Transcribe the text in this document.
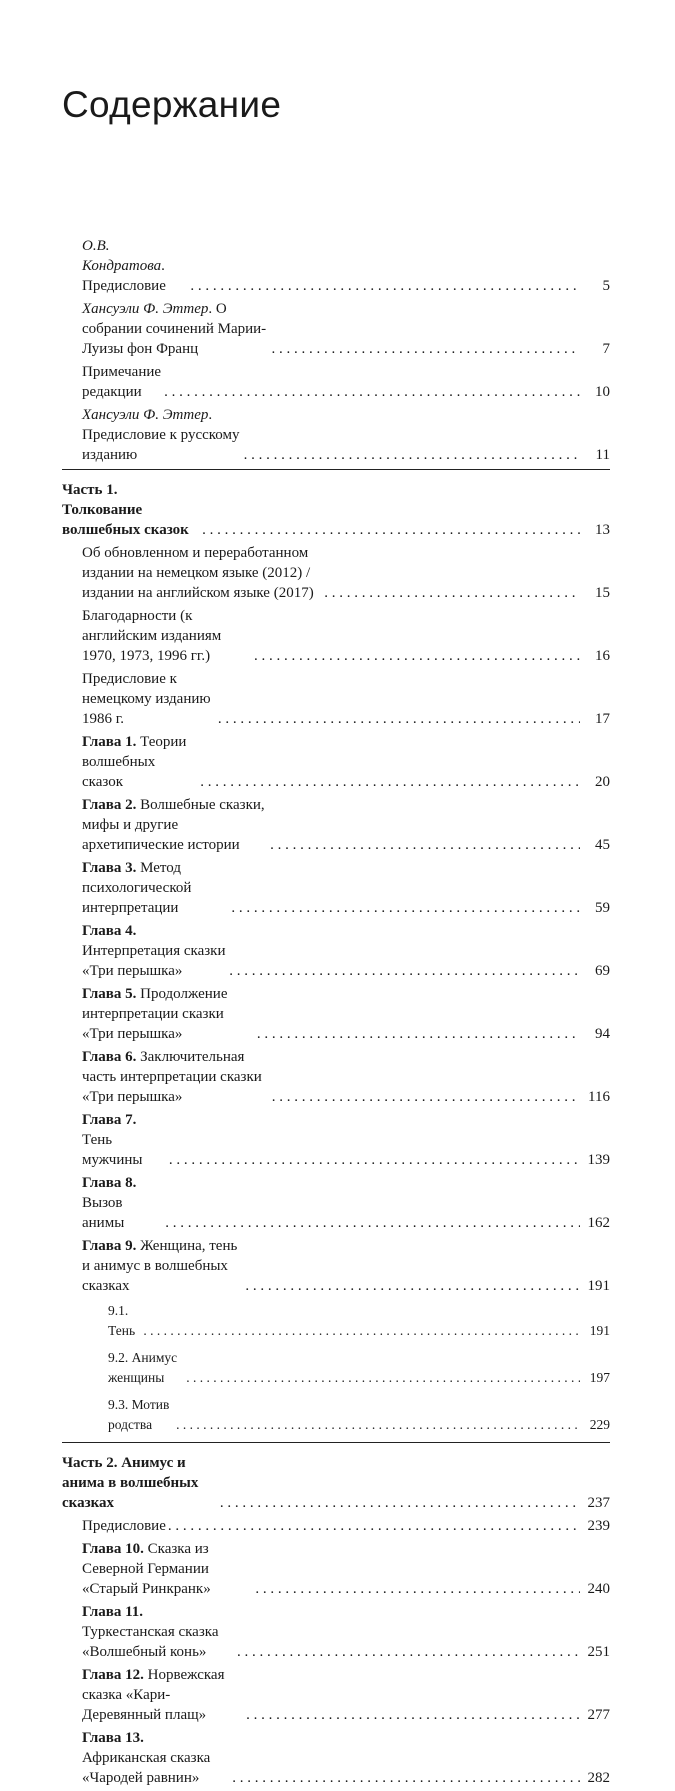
Содержание
О.В. Кондратова. Предисловие . . .	5
Хансуэли Ф. Эттер. О собрании сочинений Марии-Луизы фон Франц . . .	7
Примечание редакции . . .	10
Хансуэли Ф. Эттер. Предисловие к русскому изданию . . .	11
Часть 1. Толкование волшебных сказок . . .	13
Об обновленном и переработанном издании на немецком языке (2012) / издании на английском языке (2017) . . .	15
Благодарности (к английским изданиям 1970, 1973, 1996 гг.) . . .	16
Предисловие к немецкому изданию 1986 г. . . .	17
Глава 1. Теории волшебных сказок . . .	20
Глава 2. Волшебные сказки, мифы и другие архетипические истории . . .	45
Глава 3. Метод психологической интерпретации . . .	59
Глава 4. Интерпретация сказки «Три перышка» . . .	69
Глава 5. Продолжение интерпретации сказки «Три перышка» . . .	94
Глава 6. Заключительная часть интерпретации сказки «Три перышка» . . .	116
Глава 7. Тень мужчины . . .	139
Глава 8. Вызов анимы . . .	162
Глава 9. Женщина, тень и анимус в волшебных сказках . . .	191
9.1. Тень . . .	191
9.2. Анимус женщины . . .	197
9.3. Мотив родства . . .	229
Часть 2. Анимус и анима в волшебных сказках . . .	237
Предисловие . . .	239
Глава 10. Сказка из Северной Германии «Старый Ринкранк» . . .	240
Глава 11. Туркестанская сказка «Волшебный конь» . . .	251
Глава 12. Норвежская сказка «Кари-Деревянный плащ» . . .	277
Глава 13. Африканская сказка «Чародей равнин» . . .	282
